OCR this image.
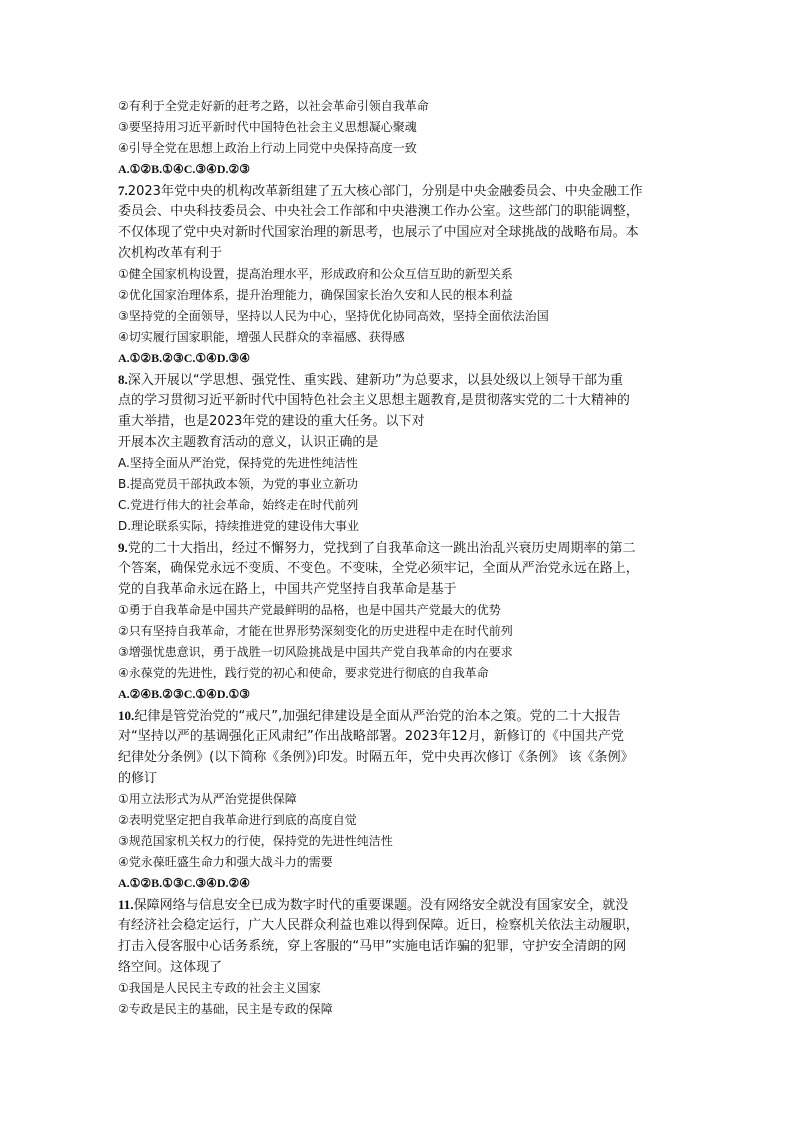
②有利于全党走好新的赶考之路，以社会革命引领自我革命
③要坚持用习近平新时代中国特色社会主义思想凝心聚魂
④引导全党在思想上政治上行动上同党中央保持高度一致
A.①②B.①④C.③④D.②③
7.2023年党中央的机构改革新组建了五大核心部门，分别是中央金融委员会、中央金融工作
委员会、中央科技委员会、中央社会工作部和中央港澳工作办公室。这些部门的职能调整，
不仅体现了党中央对新时代国家治理的新思考，也展示了中国应对全球挑战的战略布局。本
次机构改革有利于
①健全国家机构设置，提高治理水平，形成政府和公众互信互助的新型关系
②优化国家治理体系，提升治理能力，确保国家长治久安和人民的根本利益
③坚持党的全面领导，坚持以人民为中心，坚持优化协同高效，坚持全面依法治国
④切实履行国家职能，增强人民群众的幸福感、获得感
A.①②B.②③C.①④D.③④
8.深入开展以“学思想、强党性、重实践、建新功”为总要求，以县处级以上领导干部为重
点的学习贯彻习近平新时代中国特色社会主义思想主题教育,是贯彻落实党的二十大精神的
重大举措，也是2023年党的建设的重大任务。以下对
开展本次主题教育活动的意义，认识正确的是
A.坚持全面从严治党，保持党的先进性纯洁性
B.提高党员干部执政本领，为党的事业立新功
C.党进行伟大的社会革命，始终走在时代前列
D.理论联系实际，持续推进党的建设伟大事业
9.党的二十大指出，经过不懈努力，党找到了自我革命这一跳出治乱兴衰历史周期率的第二
个答案，确保党永远不变质、不变色。不变味，全党必须牢记，全面从严治党永远在路上，
党的自我革命永远在路上，中国共产党坚持自我革命是基于
①勇于自我革命是中国共产党最鲜明的品格，也是中国共产党最大的优势
②只有坚持自我革命，才能在世界形势深刻变化的历史进程中走在时代前列
③增强忧患意识，勇于战胜一切风险挑战是中国共产党自我革命的内在要求
④永葆党的先进性，践行党的初心和使命，要求党进行彻底的自我革命
A.②④B.②③C.①④D.①③
10.纪律是管党治党的“戒尺”,加强纪律建设是全面从严治党的治本之策。党的二十大报告
对“坚持以严的基调强化正风肃纪”作出战略部署。2023年12月，新修订的《中国共产党
纪律处分条例》(以下简称《条例》)印发。时隔五年，党中央再次修订《条例》 该《条例》
的修订
①用立法形式为从严治党提供保障
②表明党坚定把自我革命进行到底的高度自觉
③规范国家机关权力的行使，保持党的先进性纯洁性
④党永葆旺盛生命力和强大战斗力的需要
A.①②B.①③C.③④D.②④
11.保障网络与信息安全已成为数字时代的重要课题。没有网络安全就没有国家安全，就没
有经济社会稳定运行，广大人民群众利益也难以得到保障。近日，检察机关依法主动履职，
打击入侵客服中心话务系统，穿上客服的“马甲”实施电话诈骗的犯罪，守护安全清朗的网
络空间。这体现了
①我国是人民民主专政的社会主义国家
②专政是民主的基础，民主是专政的保障
